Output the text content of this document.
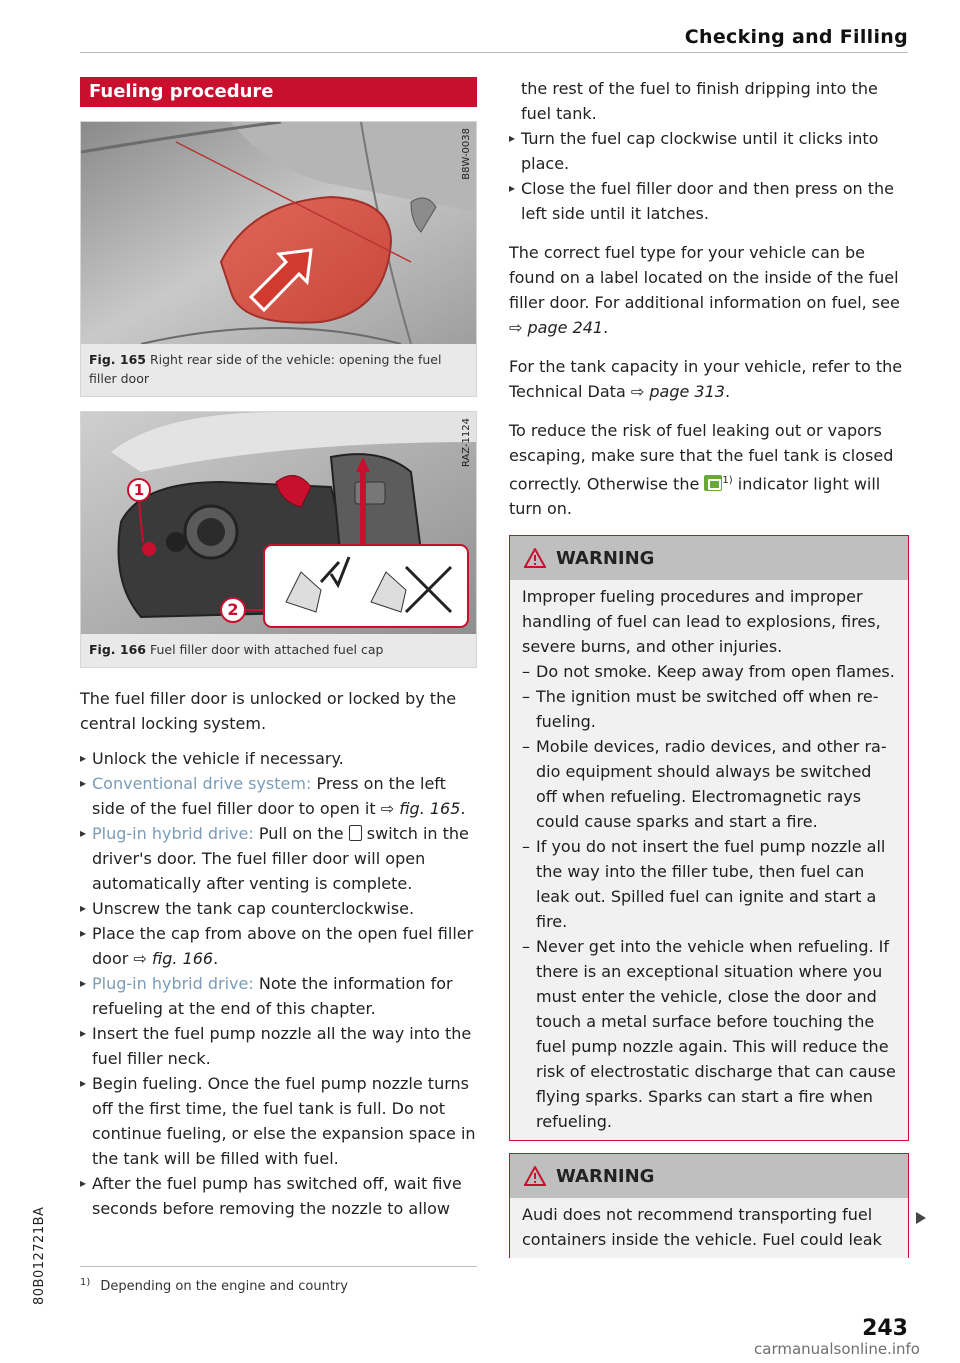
Checking and Filling
Fueling procedure
B8W-0038
Fig. 165 Right rear side of the vehicle: opening the fuel filler door
1
2
RAZ-1124
Fig. 166 Fuel filler door with attached fuel cap
The fuel filler door is unlocked or locked by the central locking system.
▸ Unlock the vehicle if necessary.
▸ Conventional drive system: Press on the left side of the fuel filler door to open it ⇨ fig. 165.
▸ Plug-in hybrid drive: Pull on the switch in the driver's door. The fuel filler door will open automatically after venting is complete.
▸ Unscrew the tank cap counterclockwise.
▸ Place the cap from above on the open fuel filler door ⇨ fig. 166.
▸ Plug-in hybrid drive: Note the information for refueling at the end of this chapter.
▸ Insert the fuel pump nozzle all the way into the fuel filler neck.
▸ Begin fueling. Once the fuel pump nozzle turns off the first time, the fuel tank is full. Do not continue fueling, or else the expansion space in the tank will be filled with fuel.
▸ After the fuel pump has switched off, wait five seconds before removing the nozzle to allow
the rest of the fuel to finish dripping into the fuel tank.
▸ Turn the fuel cap clockwise until it clicks into place.
▸ Close the fuel filler door and then press on the left side until it latches.
The correct fuel type for your vehicle can be found on a label located on the inside of the fuel filler door. For additional information on fuel, see ⇨ page 241.
For the tank capacity in your vehicle, refer to the Technical Data ⇨ page 313.
To reduce the risk of fuel leaking out or vapors escaping, make sure that the fuel tank is closed correctly. Otherwise the $^{1)}$ indicator light will turn on.
WARNING
Improper fueling procedures and improper handling of fuel can lead to explosions, fires, severe burns, and other injuries.
– Do not smoke. Keep away from open flames.
– The ignition must be switched off when refueling.
– Mobile devices, radio devices, and other radio equipment should always be switched off when refueling. Electromagnetic rays could cause sparks and start a fire.
– If you do not insert the fuel pump nozzle all the way into the filler tube, then fuel can leak out. Spilled fuel can ignite and start a fire.
– Never get into the vehicle when refueling. If there is an exceptional situation where you must enter the vehicle, close the door and touch a metal surface before touching the fuel pump nozzle again. This will reduce the risk of electrostatic discharge that can cause flying sparks. Sparks can start a fire when refueling.
WARNING
Audi does not recommend transporting fuel containers inside the vehicle. Fuel could leak
$^{1)}$ Depending on the engine and country
80B012721BA
243
carmanualsonline.info
